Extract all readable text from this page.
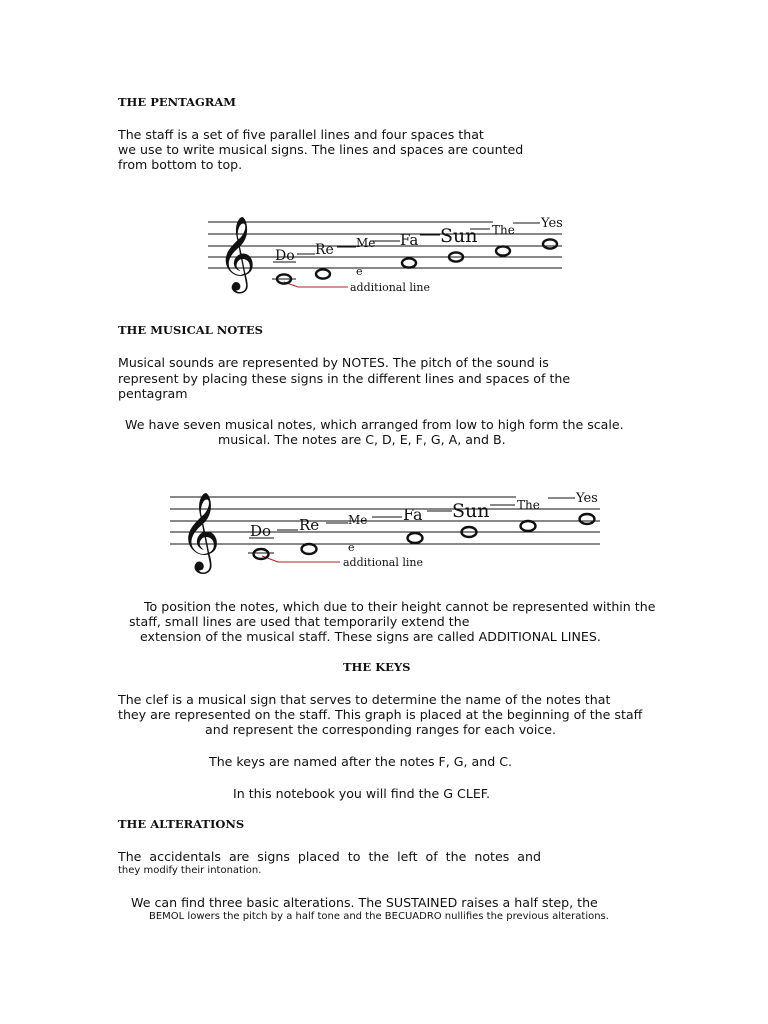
THE PENTAGRAM
The staff is a set of five parallel lines and four spaces that
we use to write musical signs. The lines and spaces are counted
from bottom to top.
𝄞 Do Re Me
e
Fa Sun The Yes
additional line
THE MUSICAL NOTES
Musical sounds are represented by NOTES. The pitch of the sound is
represent by placing these signs in the different lines and spaces of the
pentagram
We have seven musical notes, which arranged from low to high form the scale.
musical. The notes are C, D, E, F, G, A, and B.
𝄞 Do Re Me
e
Fa Sun The	Yes
additional line
To position the notes, which due to their height cannot be represented within the
staff, small lines are used that temporarily extend the
extension of the musical staff. These signs are called ADDITIONAL LINES.
THE KEYS
The clef is a musical sign that serves to determine the name of the notes that
they are represented on the staff. This graph is placed at the beginning of the staff
and represent the corresponding ranges for each voice.
The keys are named after the notes F, G, and C.
In this notebook you will find the G CLEF.
THE ALTERATIONS
The  accidentals  are  signs  placed  to  the  left  of  the  notes  and
they modify their intonation.
We can find three basic alterations. The SUSTAINED raises a half step, the
BEMOL lowers the pitch by a half tone and the BECUADRO nullifies the previous alterations.
